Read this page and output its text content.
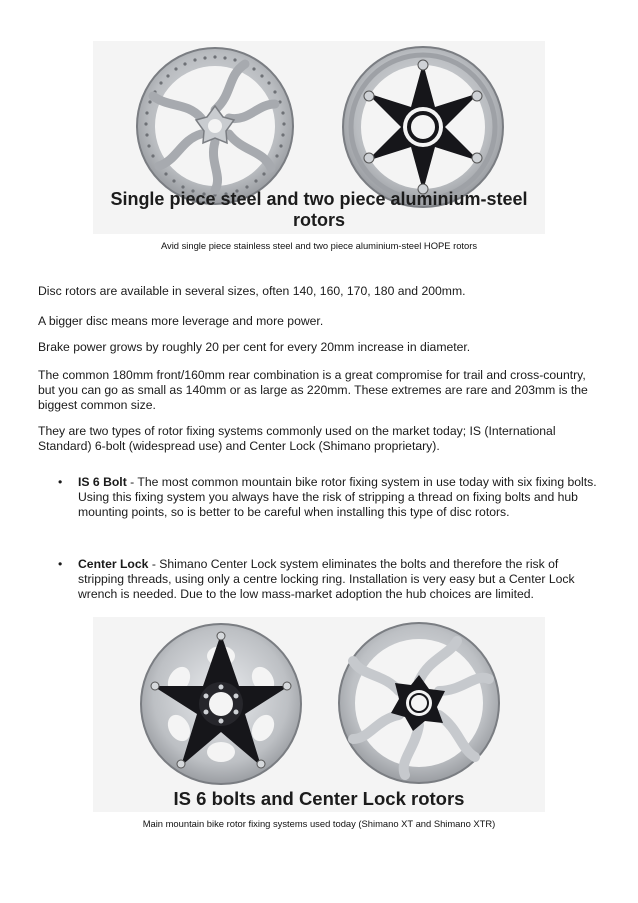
Single piece steel and two piece aluminium-steel rotors
Avid single piece stainless steel and two piece aluminium-steel HOPE rotors
Disc rotors are available in several sizes, often 140, 160, 170, 180 and 200mm.
A bigger disc means more leverage and more power.
Brake power grows by roughly 20 per cent for every 20mm increase in diameter.
The common 180mm front/160mm rear combination is a great compromise for trail and cross-country, but you can go as small as 140mm or as large as 220mm. These extremes are rare and 203mm is the biggest common size.
They are two types of rotor fixing systems commonly used on the market today; IS (International Standard) 6-bolt (widespread use) and Center Lock (Shimano proprietary).
• IS 6 Bolt - The most common mountain bike rotor fixing system in use today with six fixing bolts. Using this fixing system you always have the risk of stripping a thread on fixing bolts and hub mounting points, so is better to be careful when installing this type of disc rotors.
• Center Lock - Shimano Center Lock system eliminates the bolts and therefore the risk of stripping threads, using only a centre locking ring. Installation is very easy but a Center Lock wrench is needed. Due to the low mass-market adoption the hub choices are limited.
IS 6 bolts and Center Lock rotors
Main mountain bike rotor fixing systems used today (Shimano XT and Shimano XTR)
